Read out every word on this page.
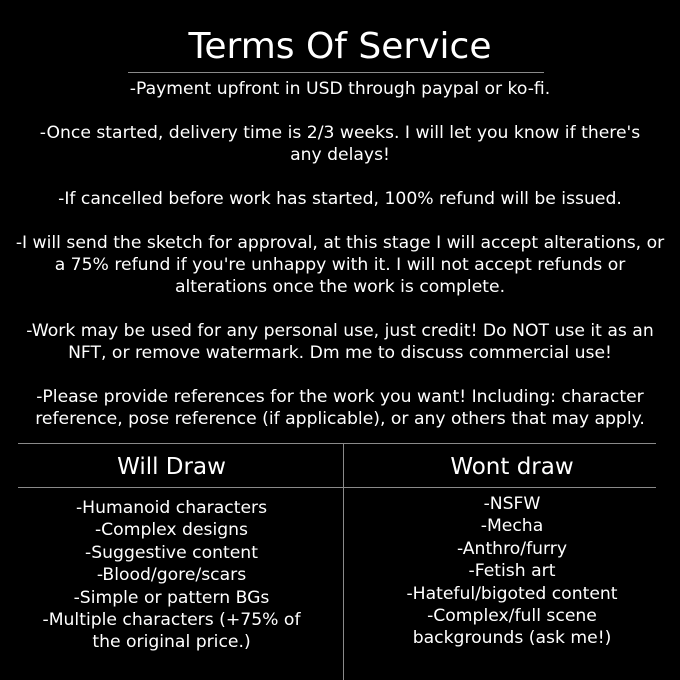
Terms Of Service
-Payment upfront in USD through paypal or ko-fi.
-Once started, delivery time is 2/3 weeks. I will let you know if there's any delays!
-If cancelled before work has started, 100% refund will be issued.
-I will send the sketch for approval, at this stage I will accept alterations, or a 75% refund if you're unhappy with it. I will not accept refunds or alterations once the work is complete.
-Work may be used for any personal use, just credit! Do NOT use it as an NFT, or remove watermark. Dm me to discuss commercial use!
-Please provide references for the work you want! Including: character reference, pose reference (if applicable), or any others that may apply.
Will Draw	Wont draw
-Humanoid characters
-Complex designs
-Suggestive content
-Blood/gore/scars
-Simple or pattern BGs
-Multiple characters (+75% of the original price.)
-NSFW
-Mecha
-Anthro/furry
-Fetish art
-Hateful/bigoted content
-Complex/full scene backgrounds (ask me!)
